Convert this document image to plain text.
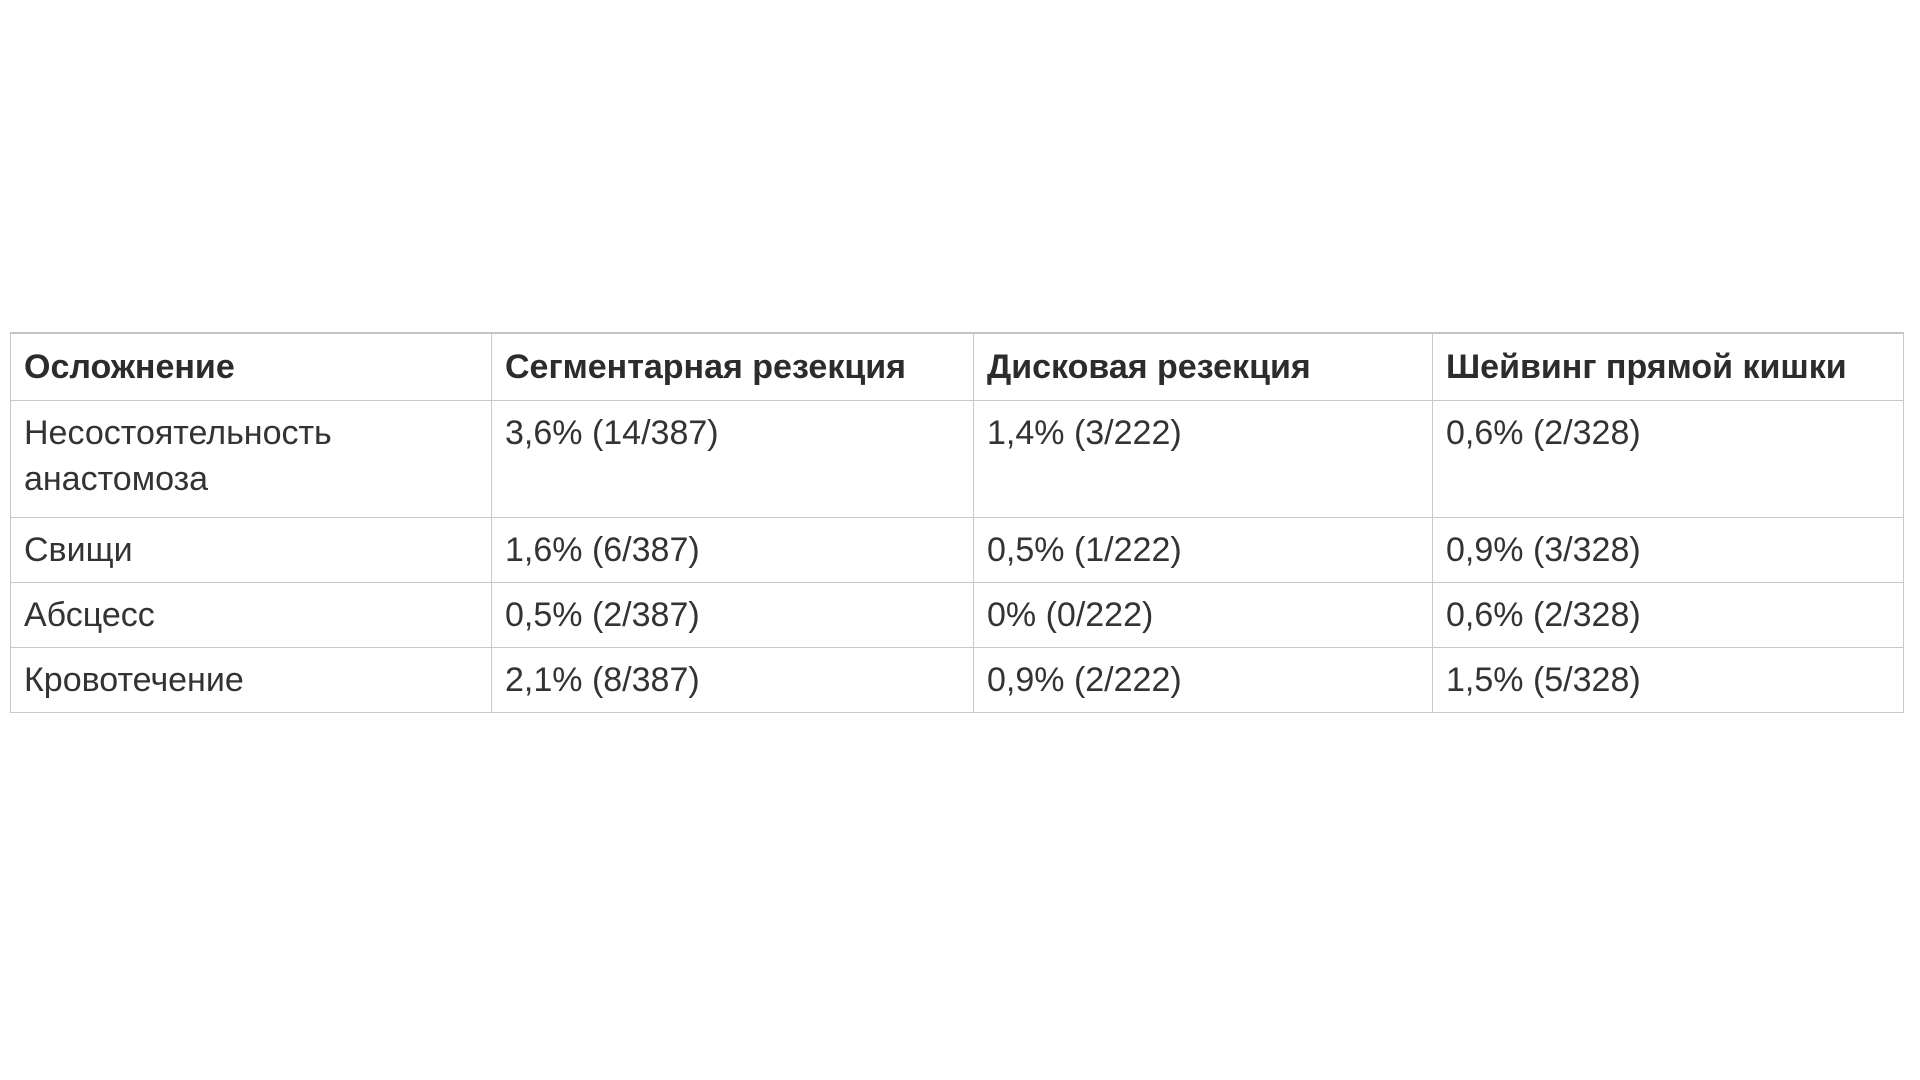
Осложнение	Сегментарная резекция	Дисковая резекция	Шейвинг прямой кишки
Несостоятельность анастомоза	3,6% (14/387)	1,4% (3/222)	0,6% (2/328)
Свищи	1,6% (6/387)	0,5% (1/222)	0,9% (3/328)
Абсцесс	0,5% (2/387)	0% (0/222)	0,6% (2/328)
Кровотечение	2,1% (8/387)	0,9% (2/222)	1,5% (5/328)
